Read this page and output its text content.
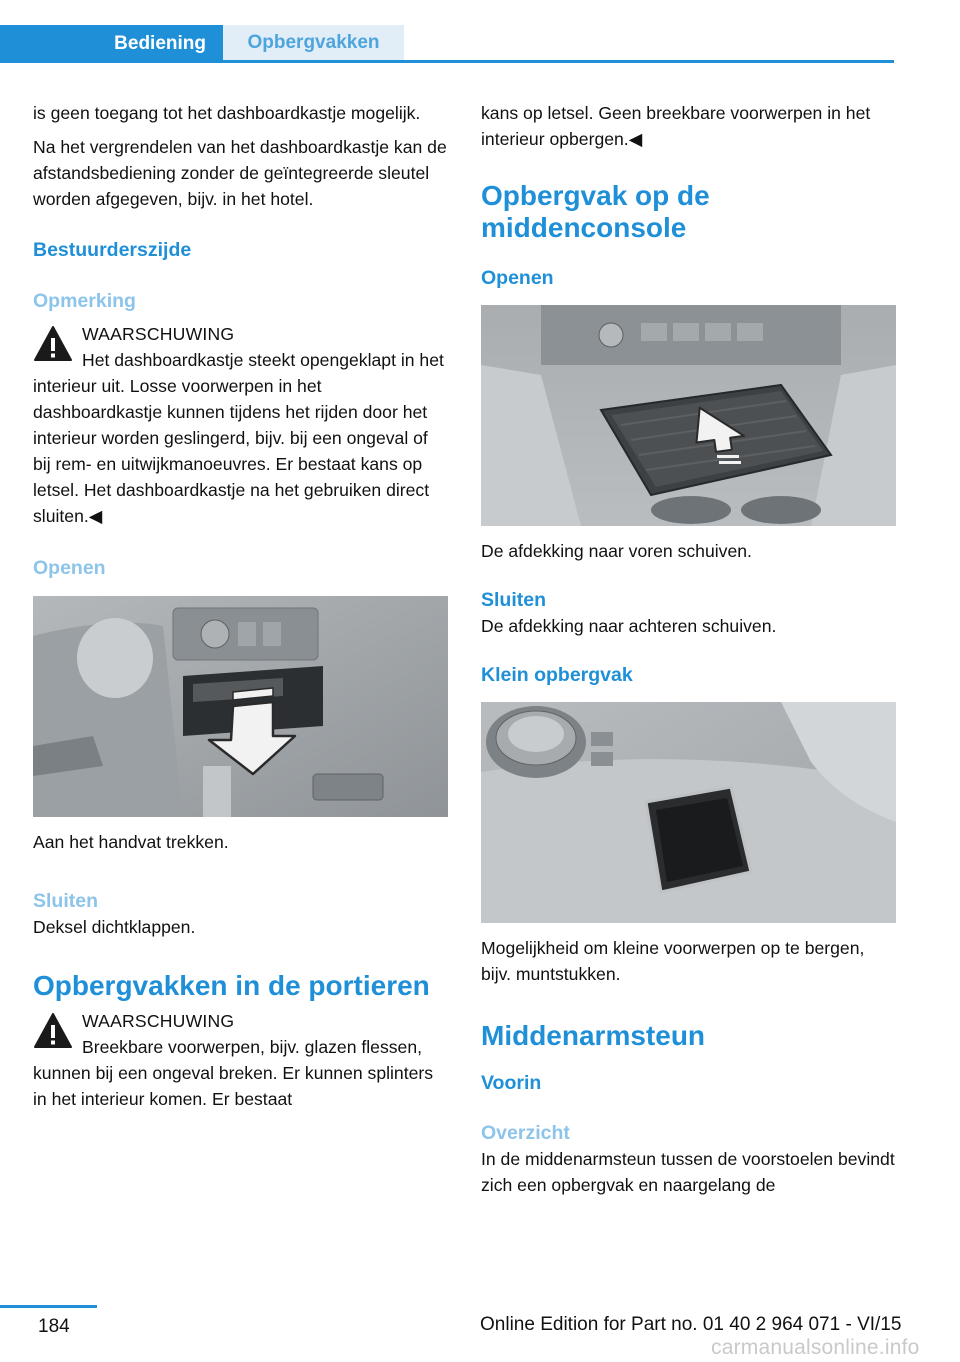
Bediening	Opbergvakken

is geen toegang tot het dashboardkastje mogelijk.

Na het vergrendelen van het dashboardkastje kan de afstandsbediening zonder de geïntegreerde sleutel worden afgegeven, bijv. in het hotel.

Bestuurderszijde
Opmerking
WAARSCHUWING
Het dashboardkastje steekt opengeklapt in het interieur uit. Losse voorwerpen in het dashboardkastje kunnen tijdens het rijden door het interieur worden geslingerd, bijv. bij een ongeval of bij rem- en uitwijkmanoeuvres. Er bestaat kans op letsel. Het dashboardkastje na het gebruiken direct sluiten.◀
Openen

Aan het handvat trekken.

Sluiten

Deksel dichtklappen.

Opbergvakken in de portieren
WAARSCHUWING
Breekbare voorwerpen, bijv. glazen flessen, kunnen bij een ongeval breken. Er kunnen splinters in het interieur komen. Er bestaat

kans op letsel. Geen breekbare voorwerpen in het interieur opbergen.◀

Opbergvak op de middenconsole
Openen

De afdekking naar voren schuiven.

Sluiten

De afdekking naar achteren schuiven.

Klein opbergvak

Mogelijkheid om kleine voorwerpen op te bergen, bijv. muntstukken.

Middenarmsteun
Voorin
Overzicht

In de middenarmsteun tussen de voorstoelen bevindt zich een opbergvak en naargelang de

184	Online Edition for Part no. 01 40 2 964 071 - VI/15
carmanualsonline.info
